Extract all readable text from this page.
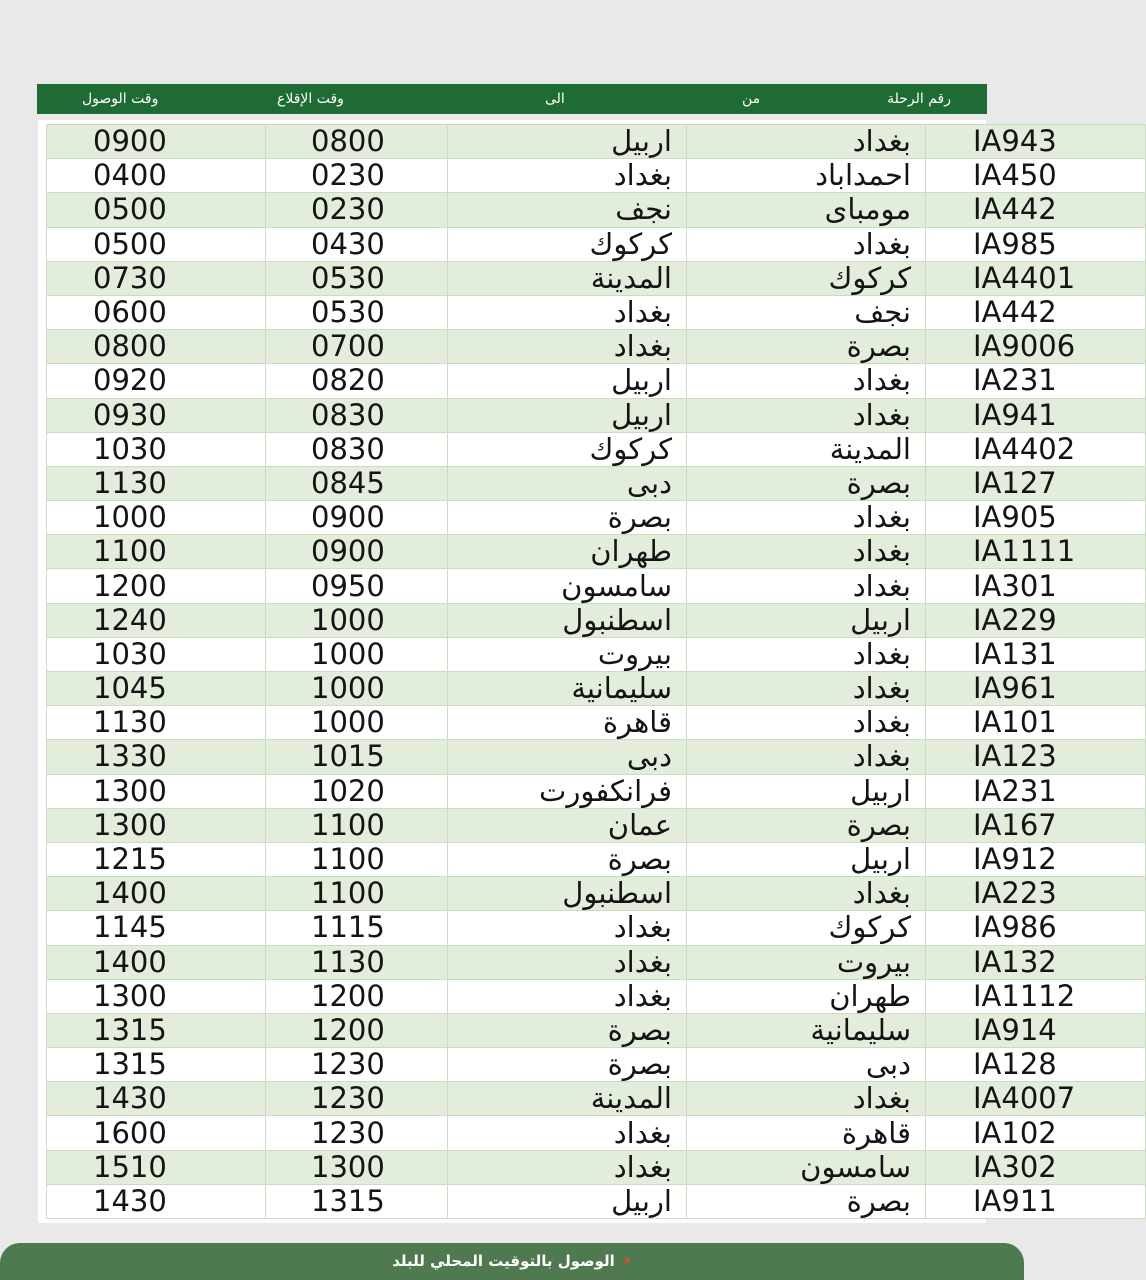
وقت الوصول	وقت الإقلاع	الى	من	رقم الرحلة
0900	0800	اربيل	بغداد	IA943
0400	0230	بغداد	احمداباد	IA450
0500	0230	نجف	مومباى	IA442
0500	0430	كركوك	بغداد	IA985
0730	0530	المدينة	كركوك	IA4401
0600	0530	بغداد	نجف	IA442
0800	0700	بغداد	بصرة	IA9006
0920	0820	اربيل	بغداد	IA231
0930	0830	اربيل	بغداد	IA941
1030	0830	كركوك	المدينة	IA4402
1130	0845	دبى	بصرة	IA127
1000	0900	بصرة	بغداد	IA905
1100	0900	طهران	بغداد	IA1111
1200	0950	سامسون	بغداد	IA301
1240	1000	اسطنبول	اربيل	IA229
1030	1000	بيروت	بغداد	IA131
1045	1000	سليمانية	بغداد	IA961
1130	1000	قاهرة	بغداد	IA101
1330	1015	دبى	بغداد	IA123
1300	1020	فرانكفورت	اربيل	IA231
1300	1100	عمان	بصرة	IA167
1215	1100	بصرة	اربيل	IA912
1400	1100	اسطنبول	بغداد	IA223
1145	1115	بغداد	كركوك	IA986
1400	1130	بغداد	بيروت	IA132
1300	1200	بغداد	طهران	IA1112
1315	1200	بصرة	سليمانية	IA914
1315	1230	بصرة	دبى	IA128
1430	1230	المدينة	بغداد	IA4007
1600	1230	بغداد	قاهرة	IA102
1510	1300	بغداد	سامسون	IA302
1430	1315	اربيل	بصرة	IA911
الوصول بالتوقيت المحلي للبلد •
